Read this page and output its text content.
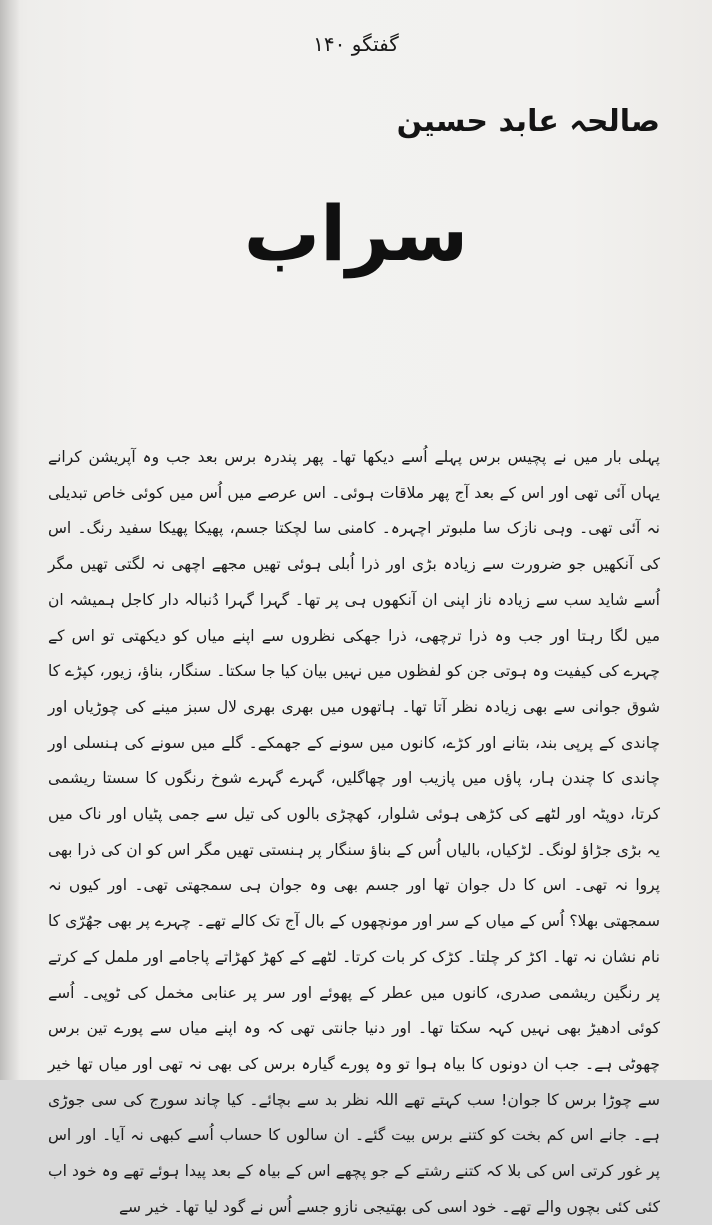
گفتگو ۱۴۰
صالحہ عابد حسین
سراب

پہلی بار میں نے پچیس برس پہلے اُسے دیکھا تھا۔ پھر پندرہ برس بعد جب وہ آپریشن کرانے یہاں آئی تھی اور اس کے بعد آج پھر ملاقات ہوئی۔ اس عرصے میں اُس میں کوئی خاص تبدیلی نہ آئی تھی۔ وہی نازک سا ملبوتر اچہرہ۔ کامنی سا لچکتا جسم، پھیکا پھیکا سفید رنگ۔ اس کی آنکھیں جو ضرورت سے زیادہ بڑی اور ذرا اُبلی ہوئی تھیں مجھے اچھی نہ لگتی تھیں مگر اُسے شاید سب سے زیادہ ناز اپنی ان آنکھوں ہی پر تھا۔ گہرا گہرا دُنبالہ دار کاجل ہمیشہ ان میں لگا رہتا اور جب وہ ذرا ترچھی، ذرا جھکی نظروں سے اپنے میاں کو دیکھتی تو اس کے چہرے کی کیفیت وہ ہوتی جن کو لفظوں میں نہیں بیان کیا جا سکتا۔ سنگار، بناؤ، زیور، کپڑے کا شوق جوانی سے بھی زیادہ نظر آتا تھا۔ ہاتھوں میں بھری بھری لال سبز مینے کی چوڑیاں اور چاندی کے پرپی بند، بتانے اور کڑے، کانوں میں سونے کے جھمکے۔ گلے میں سونے کی ہنسلی اور چاندی کا چندن ہار، پاؤں میں پازیب اور چھاگلیں، گہرے گہرے شوخ رنگوں کا سستا ریشمی کرتا، دوپٹہ اور لٹھے کی کڑھی ہوئی شلوار، کھچڑی بالوں کی تیل سے جمی پٹیاں اور ناک میں یہ بڑی جڑاؤ لونگ۔ لڑکیاں، بالیاں اُس کے بناؤ سنگار پر ہنستی تھیں مگر اس کو ان کی ذرا بھی پروا نہ تھی۔ اس کا دل جوان تھا اور جسم بھی وہ جوان ہی سمجھتی تھی۔ اور کیوں نہ سمجھتی بھلا؟ اُس کے میاں کے سر اور مونچھوں کے بال آج تک کالے تھے۔ چہرے پر بھی جھُرّی کا نام نشان نہ تھا۔ اکڑ کر چلتا۔ کڑک کر بات کرتا۔ لٹھے کے کھڑ کھڑاتے پاجامے اور ململ کے کرتے پر رنگین ریشمی صدری، کانوں میں عطر کے پھوئے اور سر پر عنابی مخمل کی ٹوپی۔ اُسے کوئی ادھیڑ بھی نہیں کہہ سکتا تھا۔ اور دنیا جانتی تھی کہ وہ اپنے میاں سے پورے تین برس چھوٹی ہے۔ جب ان دونوں کا بیاہ ہوا تو وہ پورے گیارہ برس کی بھی نہ تھی اور میاں تھا خیر سے چوڑا برس کا جوان! سب کہتے تھے اللہ نظر بد سے بچائے۔ کیا چاند سورج کی سی جوڑی ہے۔ جانے اس کم بخت کو کتنے برس بیت گئے۔ ان سالوں کا حساب اُسے کبھی نہ آیا۔ اور اس پر غور کرتی اس کی بلا کہ کتنے رشتے کے جو پچھے اس کے بیاہ کے بعد پیدا ہوئے تھے وہ خود اب کئی کئی بچوں والے تھے۔ خود اسی کی بھتیجی نازو جسے اُس نے گود لیا تھا۔ خیر سے
